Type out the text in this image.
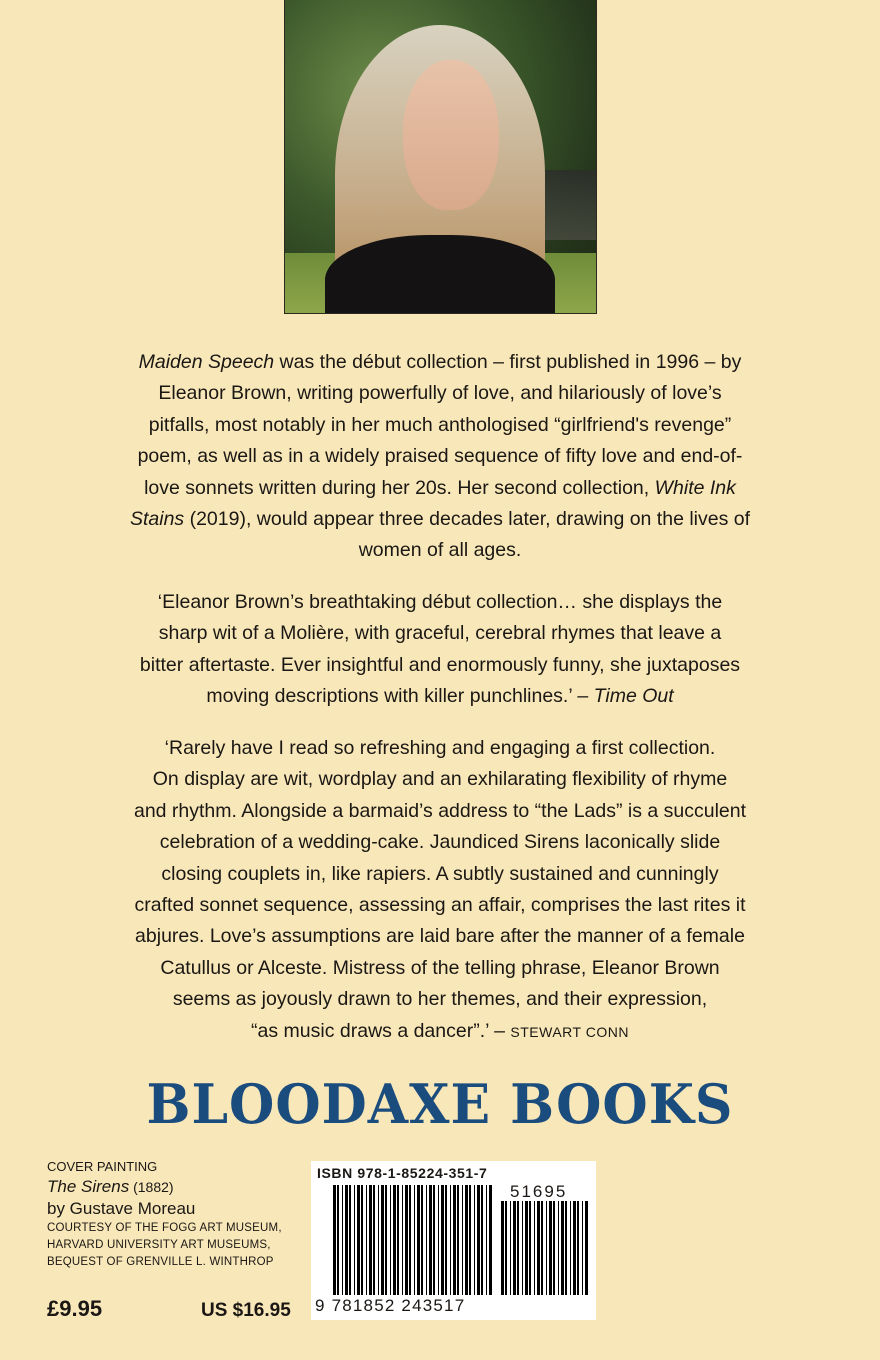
Maiden Speech was the début collection – first published in 1996 – by
Eleanor Brown, writing powerfully of love, and hilariously of love’s
pitfalls, most notably in her much anthologised “girlfriend's revenge”
poem, as well as in a widely praised sequence of fifty love and end-of-
love sonnets written during her 20s. Her second collection, White Ink
Stains (2019), would appear three decades later, drawing on the lives of
women of all ages.
‘Eleanor Brown’s breathtaking début collection… she displays the
sharp wit of a Molière, with graceful, cerebral rhymes that leave a
bitter aftertaste. Ever insightful and enormously funny, she juxtaposes
moving descriptions with killer punchlines.’ – Time Out
‘Rarely have I read so refreshing and engaging a first collection.
On display are wit, wordplay and an exhilarating flexibility of rhyme
and rhythm. Alongside a barmaid’s address to “the Lads” is a succulent
celebration of a wedding-cake. Jaundiced Sirens laconically slide
closing couplets in, like rapiers. A subtly sustained and cunningly
crafted sonnet sequence, assessing an affair, comprises the last rites it
abjures. Love’s assumptions are laid bare after the manner of a female
Catullus or Alceste. Mistress of the telling phrase, Eleanor Brown
seems as joyously drawn to her themes, and their expression,
“as music draws a dancer”.’ – STEWART CONN
BLOODAXE BOOKS
COVER PAINTING
The Sirens (1882)
by Gustave Moreau
COURTESY OF THE FOGG ART MUSEUM,
HARVARD UNIVERSITY ART MUSEUMS,
BEQUEST OF GRENVILLE L. WINTHROP
£9.95	US $16.95
ISBN 978-1-85224-351-7
51695
9 781852 243517
